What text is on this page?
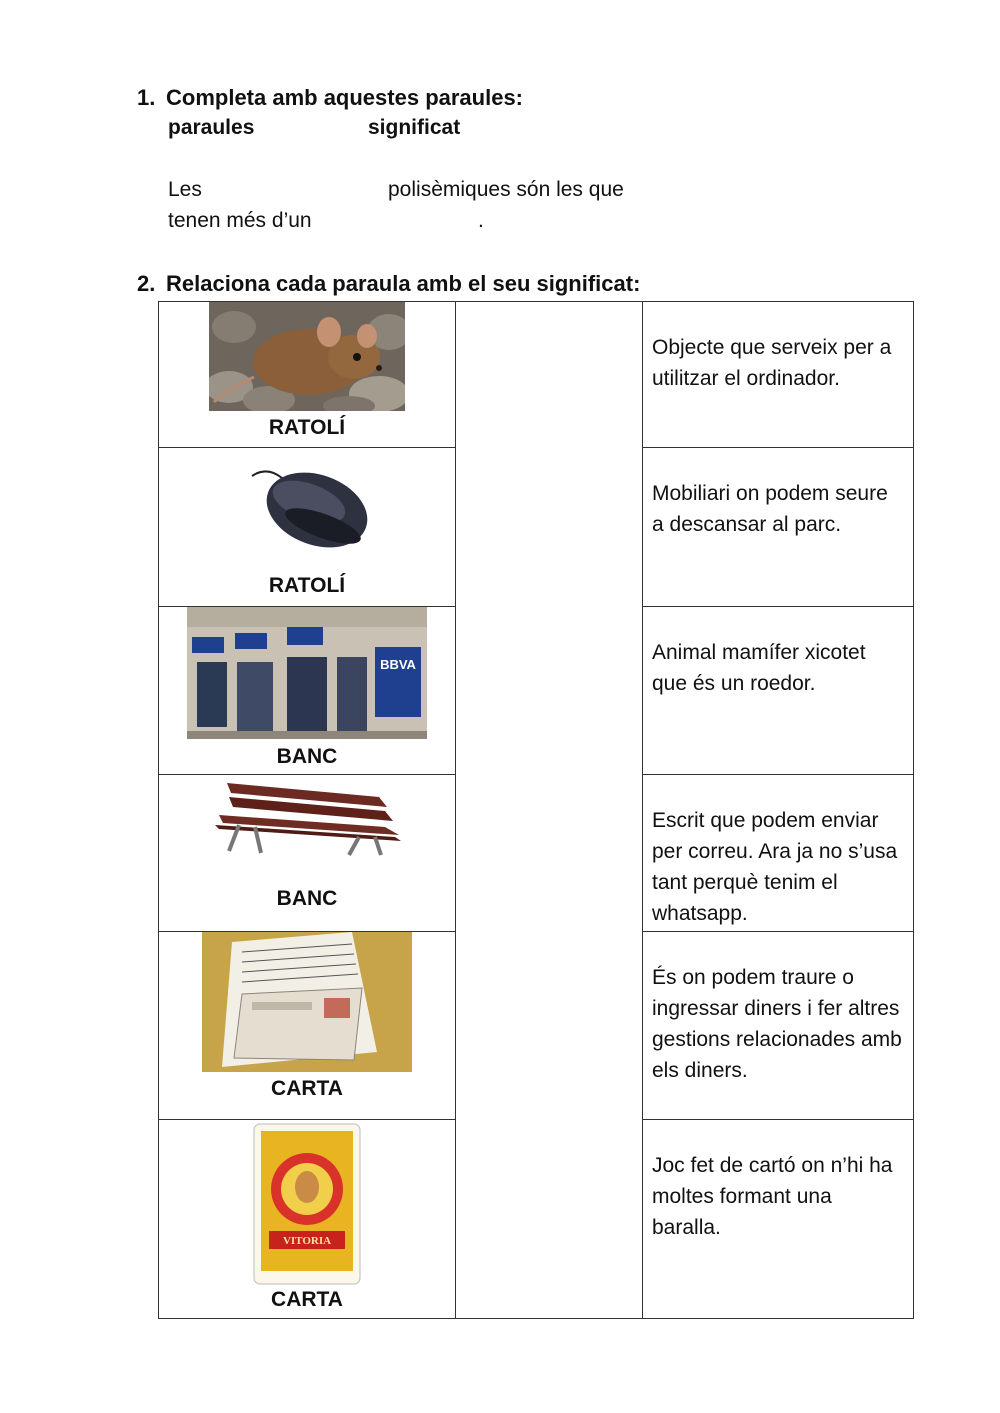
1. Completa amb aquestes paraules:
paraules	significat
Les	polisèmiques són les que
tenen més d’un	.
2. Relaciona cada paraula amb el seu significat:
RATOLÍ		Objecte que serveix per a utilitzar el ordinador.

RATOLÍ		Mobiliari on podem seure a descansar al parc.

BBVA
BANC		Animal mamífer xicotet que és un roedor.

BANC		Escrit que podem enviar per correu. Ara ja no s’usa tant perquè tenim el whatsapp.

CARTA		És on podem traure o ingressar diners i fer altres gestions relacionades amb els diners.

VITORIA
CARTA		Joc fet de cartó on n’hi ha moltes formant una baralla.
